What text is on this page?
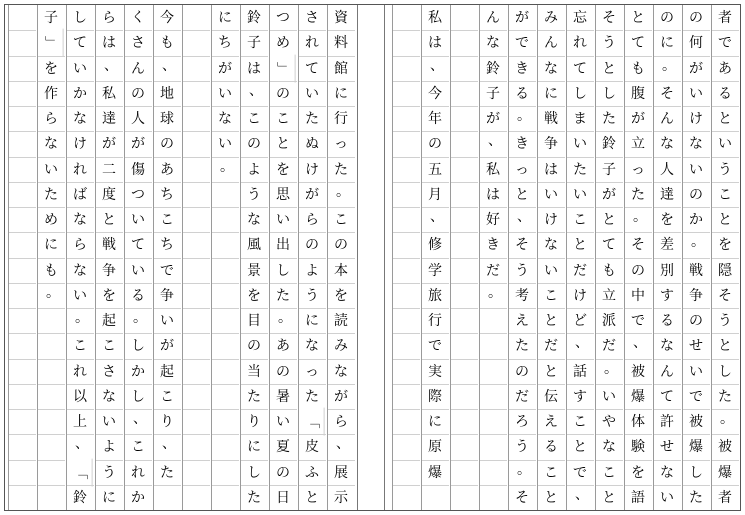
者
で
あ
る
と
い
う
こ
と
を
隠
そ
う
と
し
た
。
被
爆
者
の
何
が
い
け
な
い
の
か
。
戦
争
の
せ
い
で
被
爆
し
た
の
に
。
そ
ん
な
人
達
を
差
別
す
る
な
ん
て
許
せ
な
い
と
て
も
腹
が
立
っ
た
。
そ
の
中
で
、
被
爆
体
験
を
語
そ
う
と
し
た
鈴
子
が
と
て
も
立
派
だ
。
い
や
な
こ
と
忘
れ
て
し
ま
い
た
い
こ
と
だ
け
ど
、
話
す
こ
と
で
、
み
ん
な
に
戦
争
は
い
け
な
い
こ
と
だ
と
伝
え
る
こ
と
が
で
き
る
。
き
っ
と
、
そ
う
考
え
た
の
だ
ろ
う
。
そ
ん
な
鈴
子
が
、
私
は
好
き
だ
。
私
は
、
今
年
の
五
月
、
修
学
旅
行
で
実
際
に
原
爆
資
料
館
に
行
っ
た
。
こ
の
本
を
読
み
な
が
ら
、
展
示
さ
れ
て
い
た
ぬ
け
が
ら
の
よ
う
に
な
っ
た
「
皮
ふ
と
つ
め
」
の
こ
と
を
思
い
出
し
た
。
あ
の
暑
い
夏
の
日
鈴
子
は
、
こ
の
よ
う
な
風
景
を
目
の
当
た
り
に
し
た
に
ち
が
い
な
い
。
今
も
、
地
球
の
あ
ち
こ
ち
で
争
い
が
起
こ
り
、
た
く
さ
ん
の
人
が
傷
つ
い
て
い
る
。
し
か
し
、
こ
れ
か
ら
は
、
私
達
が
二
度
と
戦
争
を
起
こ
さ
な
い
よ
う
に
し
て
い
か
な
け
れ
ば
な
ら
な
い
。
こ
れ
以
上
、
「
鈴
子
」
を
作
ら
な
い
た
め
に
も
。
